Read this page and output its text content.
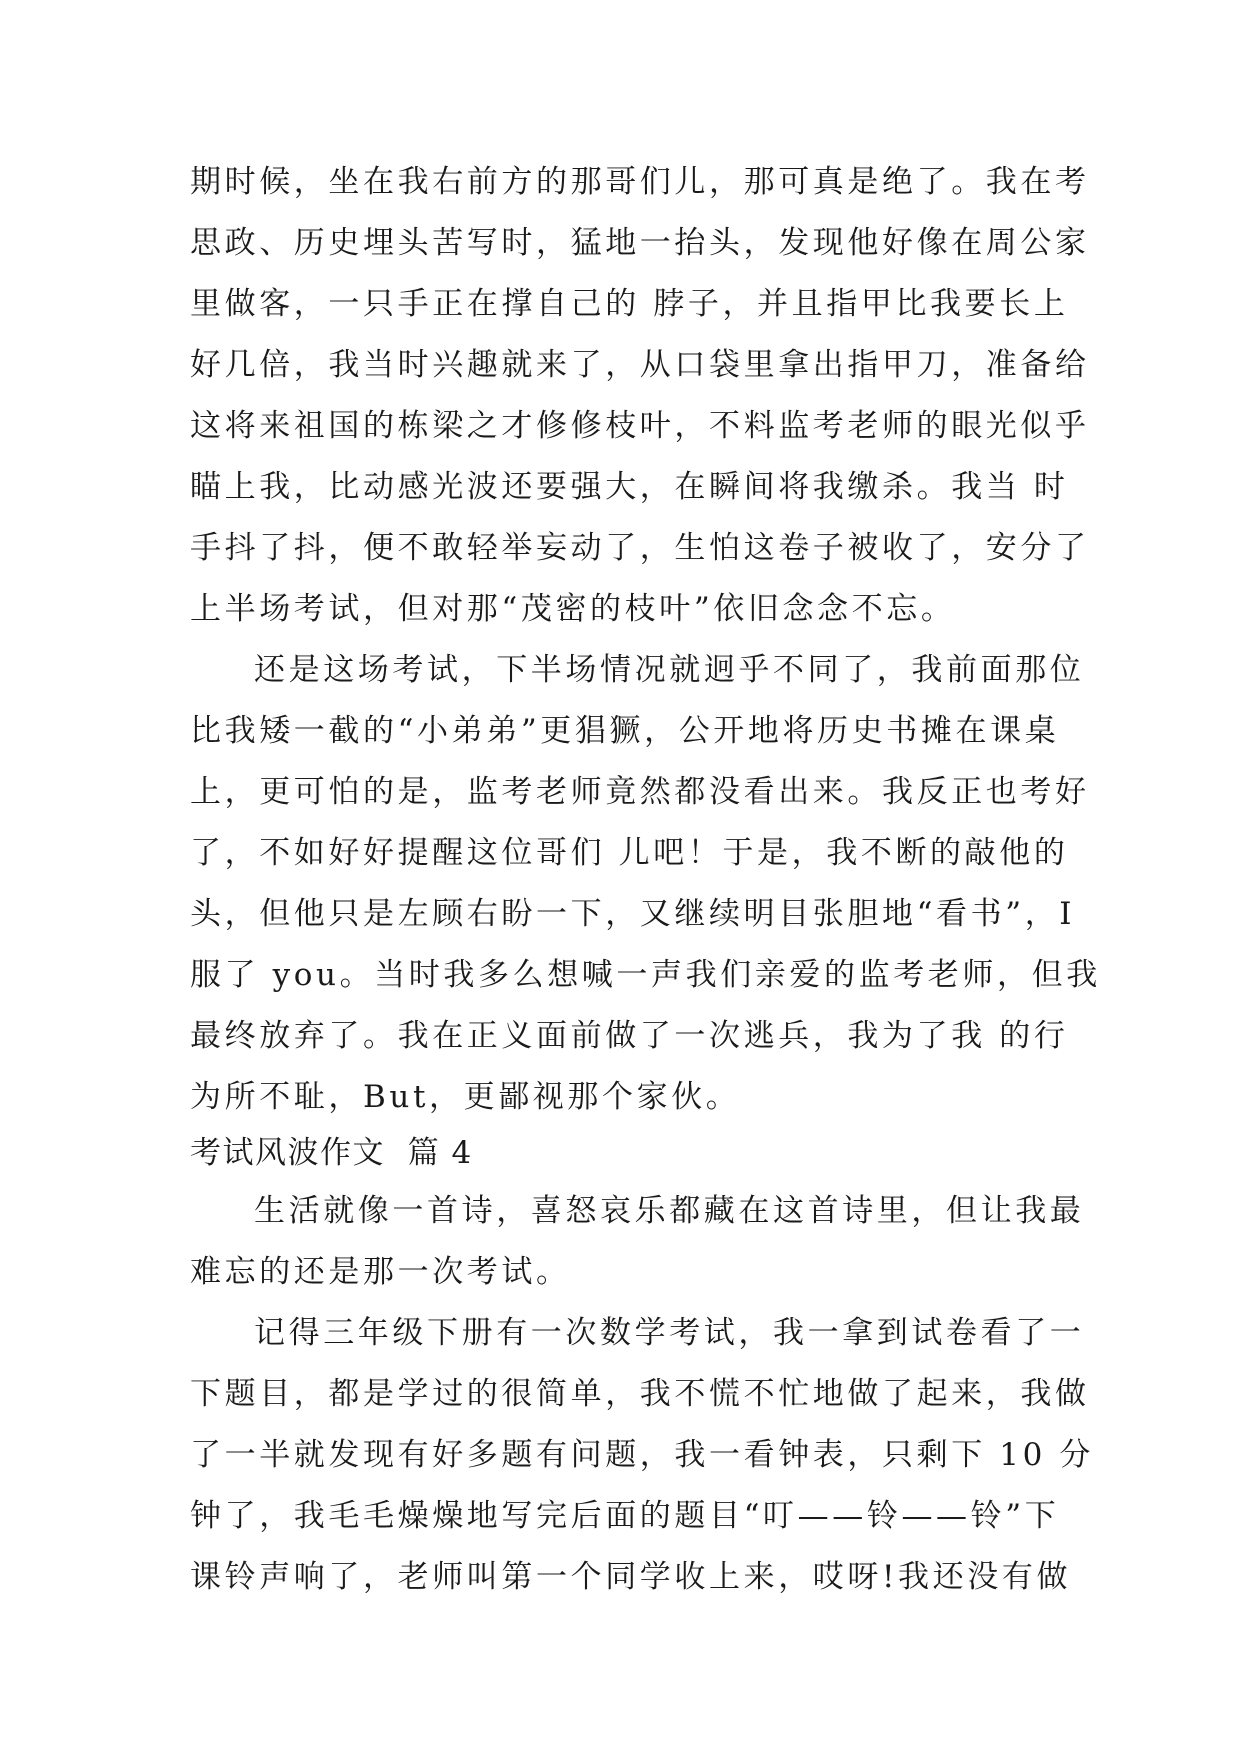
期时候，坐在我右前方的那哥们儿，那可真是绝了。我在考
思政、历史埋头苦写时，猛地一抬头，发现他好像在周公家
里做客，一只手正在撑自己的 脖子，并且指甲比我要长上
好几倍，我当时兴趣就来了，从口袋里拿出指甲刀，准备给
这将来祖国的栋梁之才修修枝叶，不料监考老师的眼光似乎
瞄上我，比动感光波还要强大，在瞬间将我缴杀。我当 时
手抖了抖，便不敢轻举妄动了，生怕这卷子被收了，安分了
上半场考试，但对那“茂密的枝叶”依旧念念不忘。
还是这场考试，下半场情况就迥乎不同了，我前面那位
比我矮一截的“小弟弟”更猖獗，公开地将历史书摊在课桌
上，更可怕的是，监考老师竟然都没看出来。我反正也考好
了，不如好好提醒这位哥们 儿吧！于是，我不断的敲他的
头，但他只是左顾右盼一下，又继续明目张胆地“看书”，I
服了 you。当时我多么想喊一声我们亲爱的监考老师，但我
最终放弃了。我在正义面前做了一次逃兵，我为了我 的行
为所不耻，But，更鄙视那个家伙。
考试风波作文  篇 4
生活就像一首诗，喜怒哀乐都藏在这首诗里，但让我最
难忘的还是那一次考试。
记得三年级下册有一次数学考试，我一拿到试卷看了一
下题目，都是学过的很简单，我不慌不忙地做了起来，我做
了一半就发现有好多题有问题，我一看钟表，只剩下 10 分
钟了，我毛毛燥燥地写完后面的题目“叮——铃——铃”下
课铃声响了，老师叫第一个同学收上来，哎呀!我还没有做
